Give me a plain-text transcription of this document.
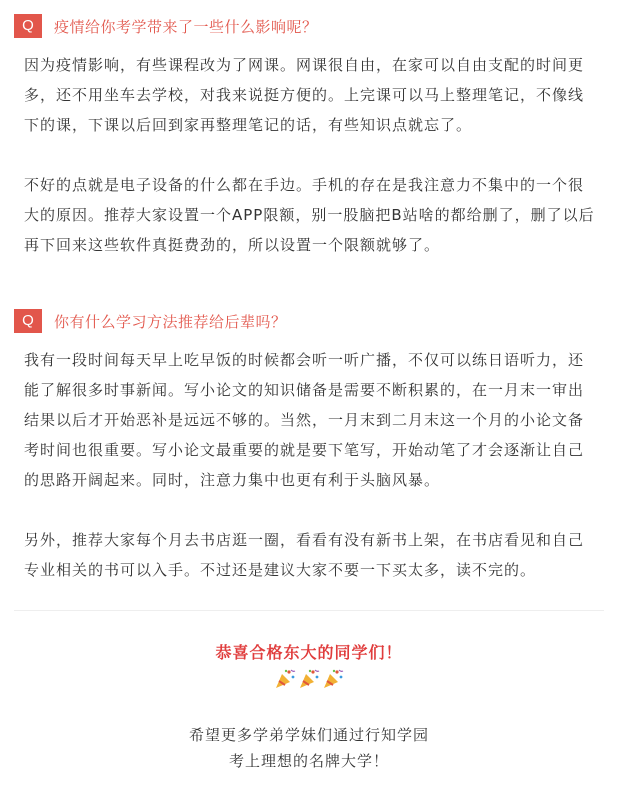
Q	疫情给你考学带来了一些什么影响呢？
因为疫情影响，有些课程改为了网课。网课很自由，在家可以自由支配的时间更多，还不用坐车去学校，对我来说挺方便的。上完课可以马上整理笔记，不像线下的课，下课以后回到家再整理笔记的话，有些知识点就忘了。
不好的点就是电子设备的什么都在手边。手机的存在是我注意力不集中的一个很大的原因。推荐大家设置一个APP限额，别一股脑把B站啥的都给删了，删了以后再下回来这些软件真挺费劲的，所以设置一个限额就够了。
Q	你有什么学习方法推荐给后辈吗？
我有一段时间每天早上吃早饭的时候都会听一听广播，不仅可以练日语听力，还能了解很多时事新闻。写小论文的知识储备是需要不断积累的，在一月末一审出结果以后才开始恶补是远远不够的。当然，一月末到二月末这一个月的小论文备考时间也很重要。写小论文最重要的就是要下笔写，开始动笔了才会逐渐让自己的思路开阔起来。同时，注意力集中也更有利于头脑风暴。
另外，推荐大家每个月去书店逛一圈，看看有没有新书上架，在书店看见和自己专业相关的书可以入手。不过还是建议大家不要一下买太多，读不完的。
恭喜合格东大的同学们！
希望更多学弟学妹们通过行知学园
考上理想的名牌大学！
